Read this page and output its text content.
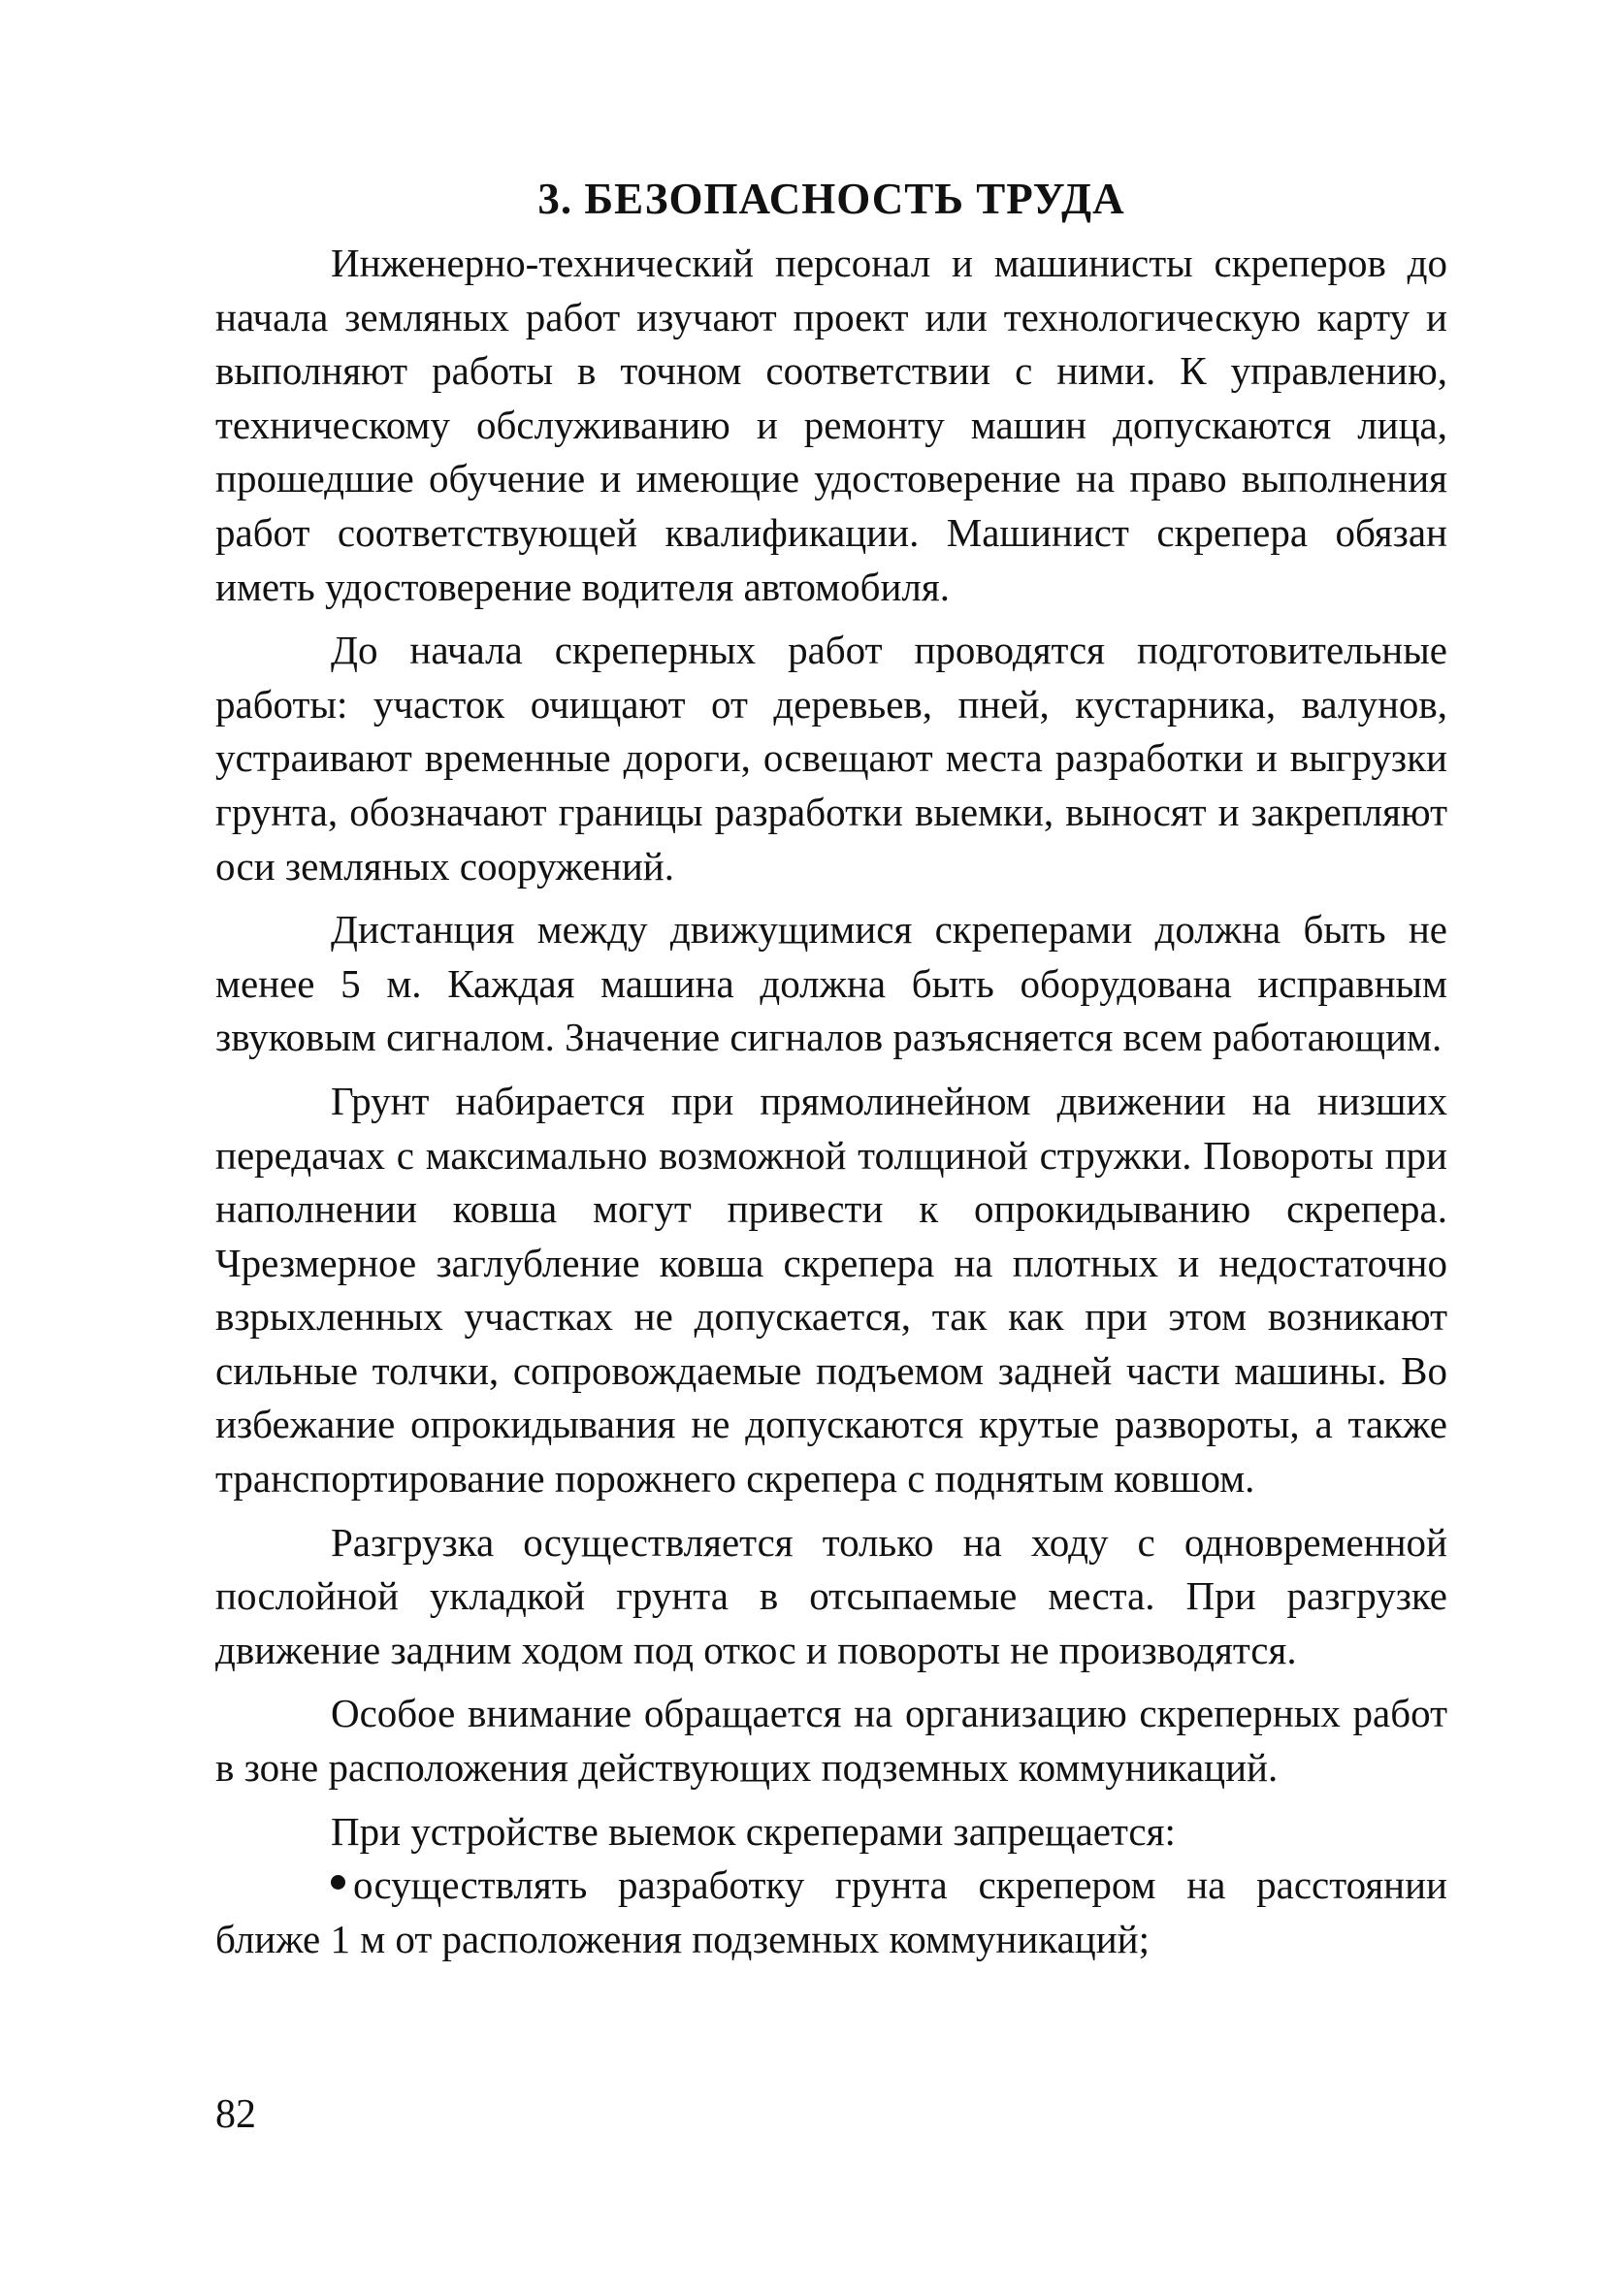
3. БЕЗОПАСНОСТЬ ТРУДА

Инженерно-технический персонал и машинисты скреперов до начала земляных работ изучают проект или технологическую карту и выполняют работы в точном соответствии с ними. К управлению, техническому обслуживанию и ремонту машин допускаются лица, прошедшие обучение и имеющие удостоверение на право выполнения работ соответствующей квалификации. Машинист скрепера обязан иметь удостоверение водителя автомобиля.

До начала скреперных работ проводятся подготовительные работы: участок очищают от деревьев, пней, кустарника, валунов, устраивают временные дороги, освещают места разработки и выгрузки грунта, обозначают границы разработки выемки, выносят и закрепляют оси земляных сооружений.

Дистанция между движущимися скреперами должна быть не менее 5 м. Каждая машина должна быть оборудована исправным звуковым сигналом. Значение сигналов разъясняется всем работающим.

Грунт набирается при прямолинейном движении на низших передачах с максимально возможной толщиной стружки. Повороты при наполнении ковша могут привести к опрокидыванию скрепера. Чрезмерное заглубление ковша скрепера на плотных и недостаточно взрыхленных участках не допускается, так как при этом возникают сильные толчки, сопровождаемые подъемом задней части машины. Во избежание опрокидывания не допускаются крутые развороты, а также транспортирование порожнего скрепера с поднятым ковшом.

Разгрузка осуществляется только на ходу с одновременной послойной укладкой грунта в отсыпаемые места. При разгрузке движение задним ходом под откос и повороты не производятся.

Особое внимание обращается на организацию скреперных работ в зоне расположения действующих подземных коммуникаций.

При устройстве выемок скреперами запрещается:

осуществлять разработку грунта скрепером на расстоянии ближе 1 м от расположения подземных коммуникаций;

82
